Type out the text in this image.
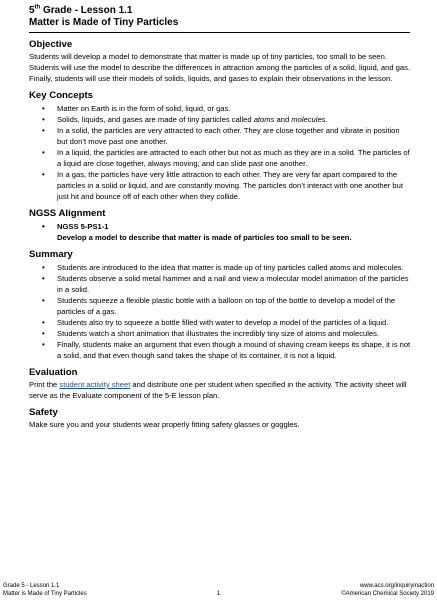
5th Grade - Lesson 1.1
Matter is Made of Tiny Particles
Objective

Students will develop a model to demonstrate that matter is made up of tiny particles, too small to be seen. Students will use the model to describe the differences in attraction among the particles of a solid, liquid, and gas. Finally, students will use their models of solids, liquids, and gases to explain their observations in the lesson.

Key Concepts
• Matter on Earth is in the form of solid, liquid, or gas.
• Solids, liquids, and gases are made of tiny particles called atoms and molecules.
• In a solid, the particles are very attracted to each other. They are close together and vibrate in position but don’t move past one another.
• In a liquid, the particles are attracted to each other but not as much as they are in a solid. The particles of a liquid are close together, always moving, and can slide past one another.
• In a gas, the particles have very little attraction to each other. They are very far apart compared to the particles in a solid or liquid, and are constantly moving. The particles don’t interact with one another but just hit and bounce off of each other when they collide.
NGSS Alignment
• NGSS 5-PS1-1
Develop a model to describe that matter is made of particles too small to be seen.
Summary
• Students are introduced to the idea that matter is made up of tiny particles called atoms and molecules.
• Students observe a solid metal hammer and a nail and view a molecular model animation of the particles in a solid.
• Students squeeze a flexible plastic bottle with a balloon on top of the bottle to develop a model of the particles of a gas.
• Students also try to squeeze a bottle filled with water to develop a model of the particles of a liquid.
• Students watch a short animation that illustrates the incredibly tiny size of atoms and molecules.
• Finally, students make an argument that even though a mound of shaving cream keeps its shape, it is not a solid, and that even though sand takes the shape of its container, it is not a liquid.
Evaluation

Print the student activity sheet and distribute one per student when specified in the activity. The activity sheet will serve as the Evaluate component of the 5-E lesson plan.

Safety

Make sure you and your students wear properly fitting safety glasses or goggles.

Grade 5 - Lesson 1.1
Matter is Made of Tiny Particles	1
www.acs.org/inquiryinaction
©American Chemical Society 2019
